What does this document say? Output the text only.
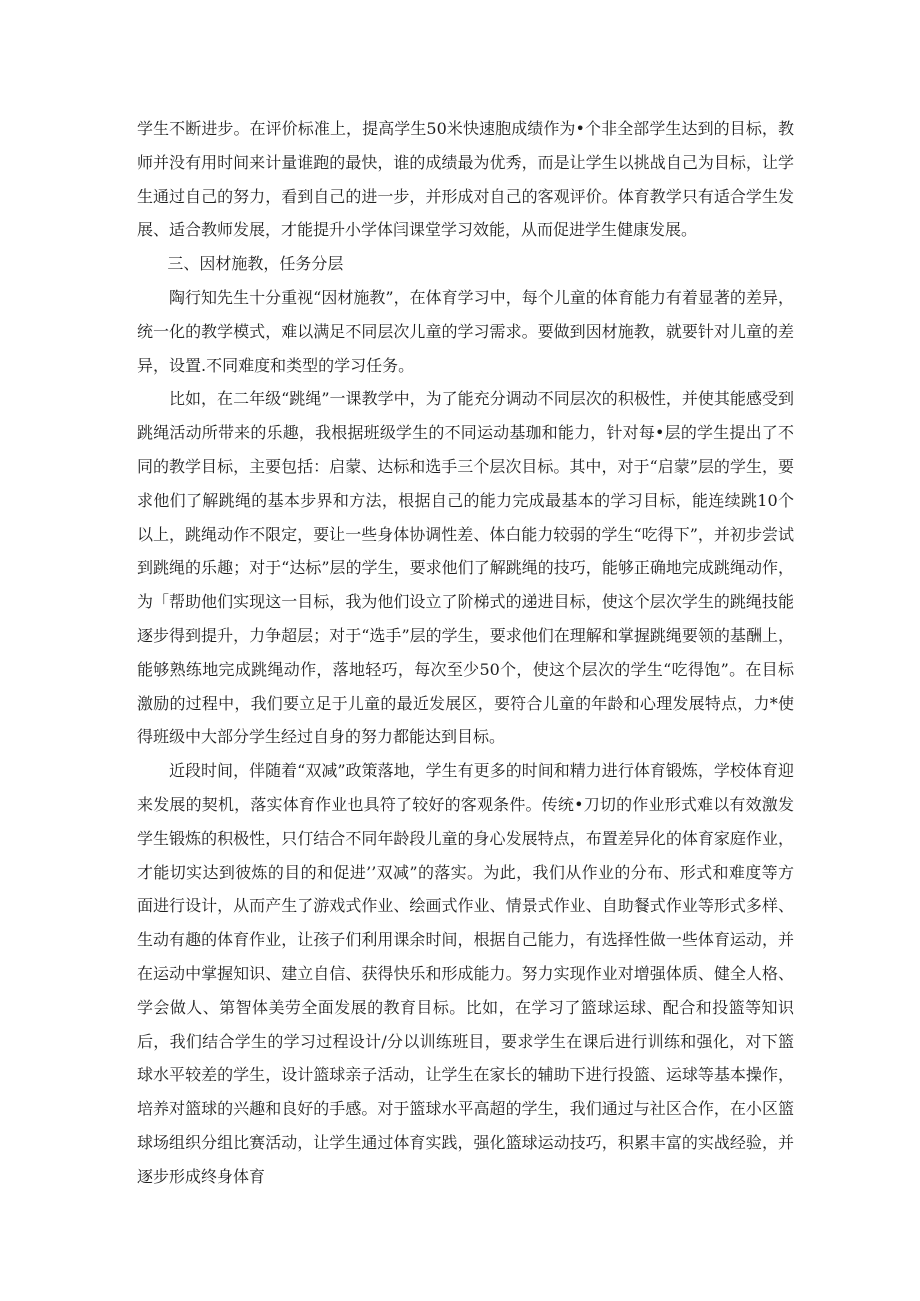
学生不断进步。在评价标准上，提高学生50米快速胞成绩作为•个非全部学生达到的目标，教师并没有用时间来计量谁跑的最快，谁的成绩最为优秀，而是让学生以挑战自己为目标，让学生通过自己的努力，看到自己的进一步，并形成对自己的客观评价。体育教学只有适合学生发展、适合教师发展，才能提升小学体闫课堂学习效能，从而促进学生健康发展。

三、因材施教，任务分层

陶行知先生十分重视“因材施教”，在体育学习中，每个儿童的体育能力有着显著的差异，统一化的教学模式，难以满足不同层次儿童的学习需求。要做到因材施教，就要针对儿童的差异，设置.不同难度和类型的学习任务。

比如，在二年级“跳绳”一课教学中，为了能充分调动不同层次的积极性，并使其能感受到跳绳活动所带来的乐趣，我根据班级学生的不同运动基珈和能力，针对每•层的学生提出了不同的教学目标，主要包括：启蒙、达标和选手三个层次目标。其中，对于“启蒙”层的学生，要求他们了解跳绳的基本步界和方法，根据自己的能力完成最基本的学习目标，能连续跳10个以上，跳绳动作不限定，要让一些身体协调性差、体白能力较弱的学生“吃得下”，并初步尝试到跳绳的乐趣；对于“达标”层的学生，要求他们了解跳绳的技巧，能够正确地完成跳绳动作，为「帮助他们实现这一目标，我为他们设立了阶梯式的递进目标，使这个层次学生的跳绳技能逐步得到提升，力争超层；对于“选手”层的学生，要求他们在理解和掌握跳绳要领的基酬上，能够熟练地完成跳绳动作，落地轻巧，每次至少50个，使这个层次的学生“吃得饱”。在目标激励的过程中，我们要立足于儿童的最近发展区，要符合儿童的年龄和心理发展特点，力*使得班级中大部分学生经过自身的努力都能达到目标。

近段时间，伴随着“双减”政策落地，学生有更多的时间和精力进行体育锻炼，学校体育迎来发展的契机，落实体育作业也具符了较好的客观条件。传统•刀切的作业形式难以有效激发学生锻炼的积极性，只仃结合不同年龄段儿童的身心发展特点，布置差异化的体育家庭作业，才能切实达到彼炼的目的和促进’’双减”的落实。为此，我们从作业的分布、形式和难度等方面进行设计，从而产生了游戏式作业、绘画式作业、情景式作业、自助餐式作业等形式多样、生动有趣的体育作业，让孩子们利用课余时间，根据自己能力，有选择性做一些体育运动，并在运动中掌握知识、建立自信、获得快乐和形成能力。努力实现作业对增强体质、健全人格、学会做人、第智体美劳全面发展的教育目标。比如，在学习了篮球运球、配合和投篮等知识后，我们结合学生的学习过程设计/分以训练班目，要求学生在课后进行训练和强化，对下篮球水平较差的学生，设计篮球亲子活动，让学生在家长的辅助下进行投篮、运球等基本操作，培养对篮球的兴趣和良好的手感。对于篮球水平高超的学生，我们通过与社区合作，在小区篮球场组织分组比赛活动，让学生通过体育实践，强化篮球运动技巧，积累丰富的实战经验，并逐步形成终身体育
